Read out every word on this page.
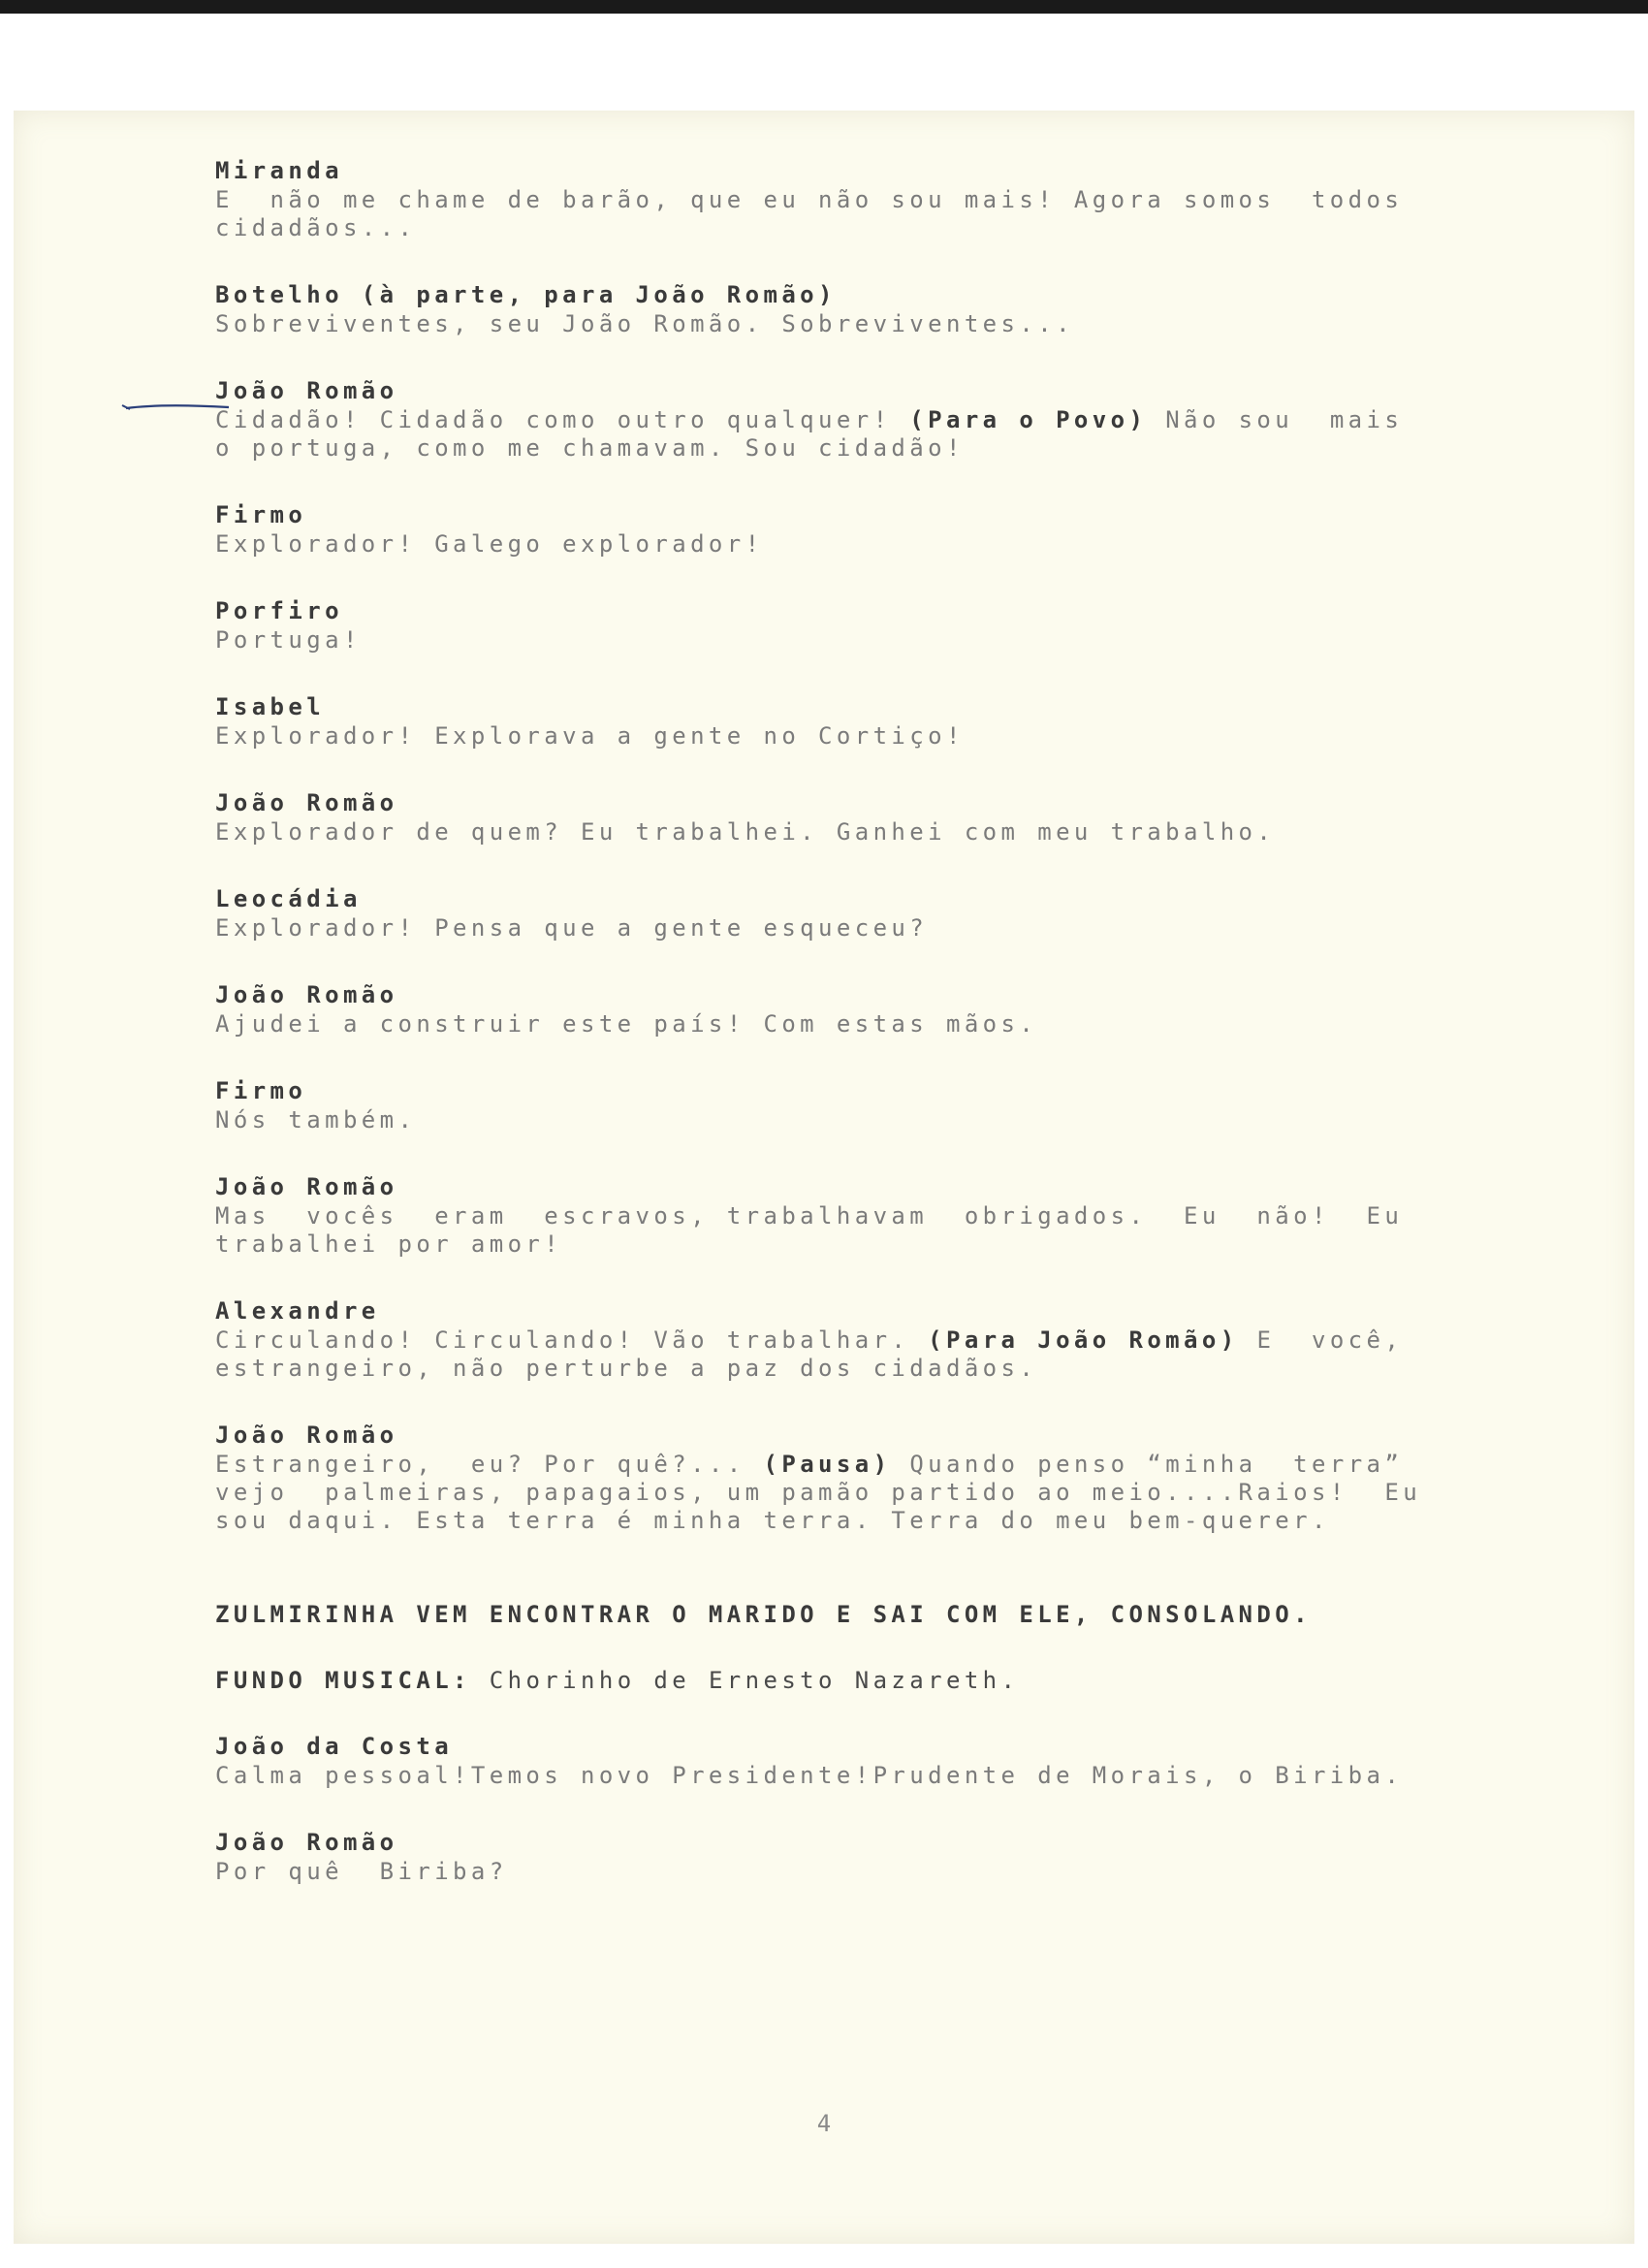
Miranda
E  não me chame de barão, que eu não sou mais! Agora somos  todos
cidadãos...
Botelho (à parte, para João Romão)
Sobreviventes, seu João Romão. Sobreviventes...
João Romão
Cidadão! Cidadão como outro qualquer! (Para o Povo) Não sou  mais
o portuga, como me chamavam. Sou cidadão!
Firmo
Explorador! Galego explorador!
Porfiro
Portuga!
Isabel
Explorador! Explorava a gente no Cortiço!
João Romão
Explorador de quem? Eu trabalhei. Ganhei com meu trabalho.
Leocádia
Explorador! Pensa que a gente esqueceu?
João Romão
Ajudei a construir este país! Com estas mãos.
Firmo
Nós também.
João Romão
Mas  vocês  eram  escravos, trabalhavam  obrigados.  Eu  não!  Eu
trabalhei por amor!
Alexandre
Circulando! Circulando! Vão trabalhar. (Para João Romão) E  você,
estrangeiro, não perturbe a paz dos cidadãos.
João Romão
Estrangeiro,  eu? Por quê?... (Pausa) Quando penso “minha  terra”
vejo  palmeiras, papagaios, um pamão partido ao meio....Raios!  Eu
sou daqui. Esta terra é minha terra. Terra do meu bem-querer.
ZULMIRINHA VEM ENCONTRAR O MARIDO E SAI COM ELE, CONSOLANDO.
FUNDO MUSICAL: Chorinho de Ernesto Nazareth.
João da Costa
Calma pessoal!Temos novo Presidente!Prudente de Morais, o Biriba.
João Romão
Por quê  Biriba?
4
